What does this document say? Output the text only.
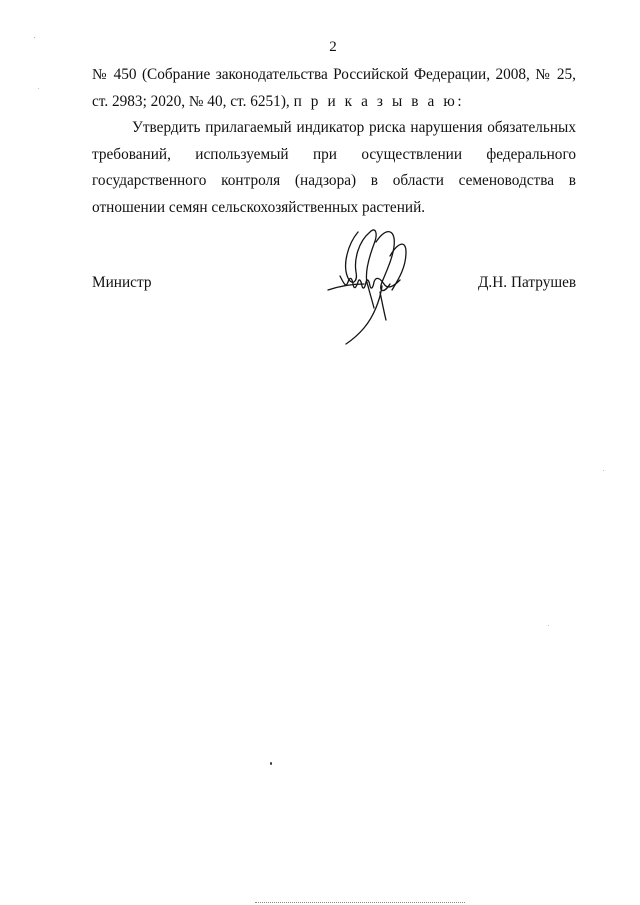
2
№ 450 (Собрание законодательства Российской Федерации, 2008, № 25, ст. 2983; 2020, № 40, ст. 6251), п р и к а з ы в а ю:
Утвердить прилагаемый индикатор риска нарушения обязательных требований, используемый при осуществлении федерального государственного контроля (надзора) в области семеноводства в отношении семян сельскохозяйственных растений.
Министр	Д.Н. Патрушев
